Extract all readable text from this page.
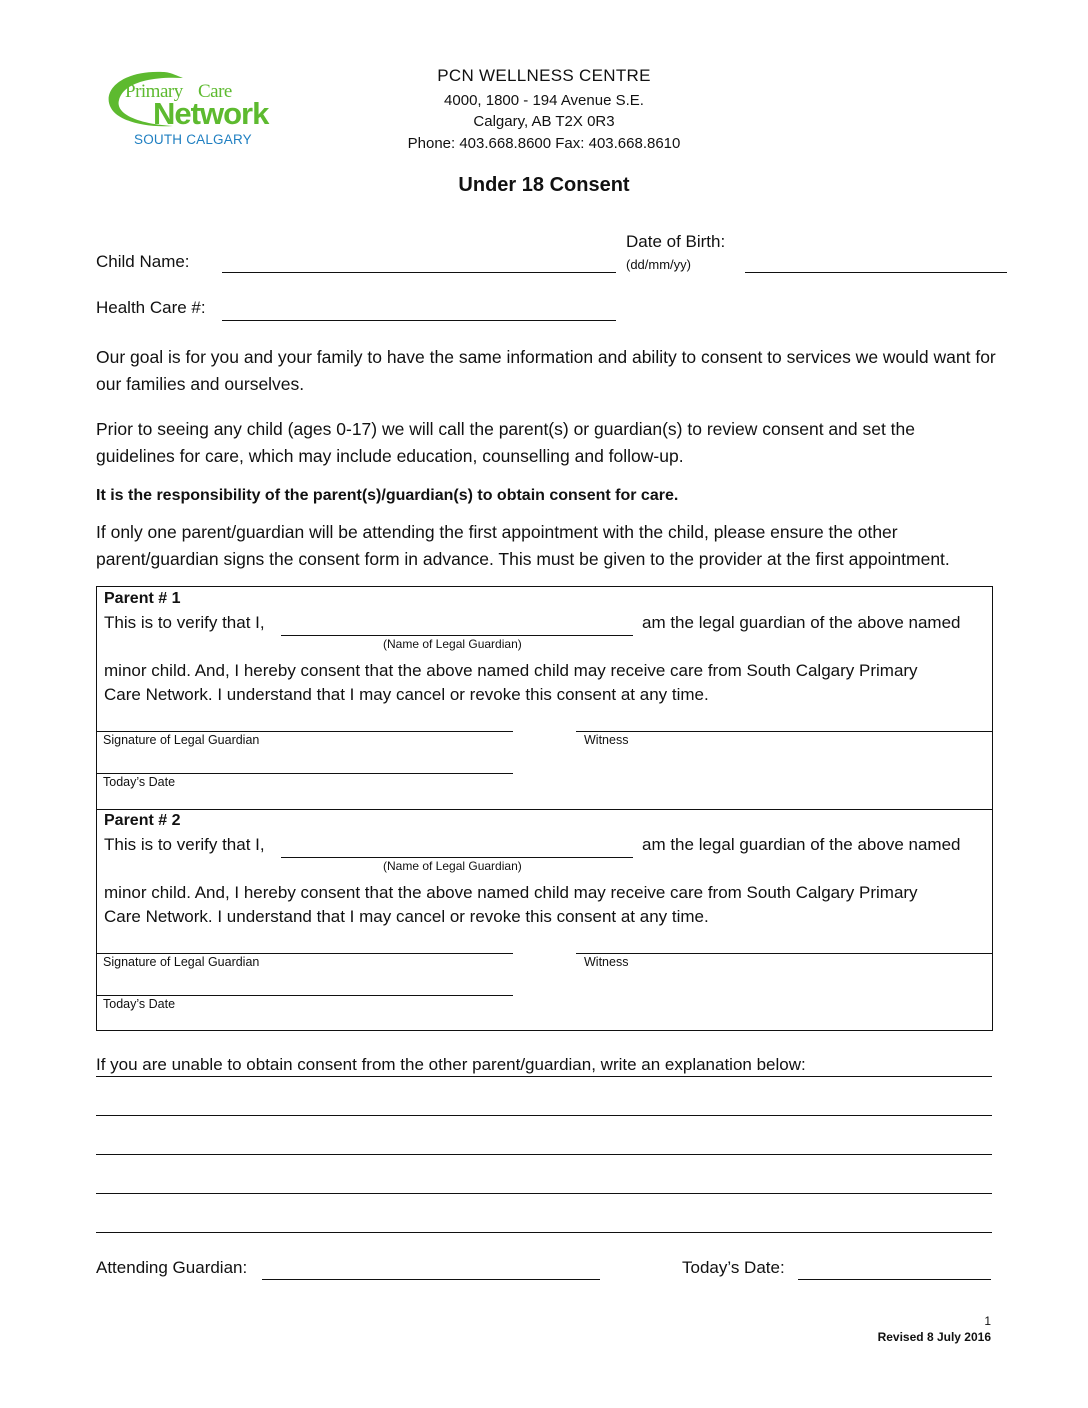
Primary Care
Network
SOUTH CALGARY
PCN WELLNESS CENTRE
4000, 1800 - 194 Avenue S.E.
Calgary, AB T2X 0R3
Phone: 403.668.8600 Fax: 403.668.8610
Under 18 Consent
Child Name:
Date of Birth:
(dd/mm/yy)
Health Care #:
Our goal is for you and your family to have the same information and ability to consent to services we would want for our families and ourselves.
Prior to seeing any child (ages 0-17) we will call the parent(s) or guardian(s) to review consent and set the guidelines for care, which may include education, counselling and follow-up.
It is the responsibility of the parent(s)/guardian(s) to obtain consent for care.
If only one parent/guardian will be attending the first appointment with the child, please ensure the other parent/guardian signs the consent form in advance. This must be given to the provider at the first appointment.
Parent # 1
This is to verify that I,
(Name of Legal Guardian)
am the legal guardian of the above named
minor child. And, I hereby consent that the above named child may receive care from South Calgary Primary
Care Network. I understand that I may cancel or revoke this consent at any time.
Signature of Legal Guardian	Witness
Today’s Date
Parent # 2
This is to verify that I,
(Name of Legal Guardian)
am the legal guardian of the above named
minor child. And, I hereby consent that the above named child may receive care from South Calgary Primary
Care Network. I understand that I may cancel or revoke this consent at any time.
Signature of Legal Guardian	Witness
Today’s Date
If you are unable to obtain consent from the other parent/guardian, write an explanation below:
Attending Guardian:	Today’s Date:
1
Revised 8 July 2016
